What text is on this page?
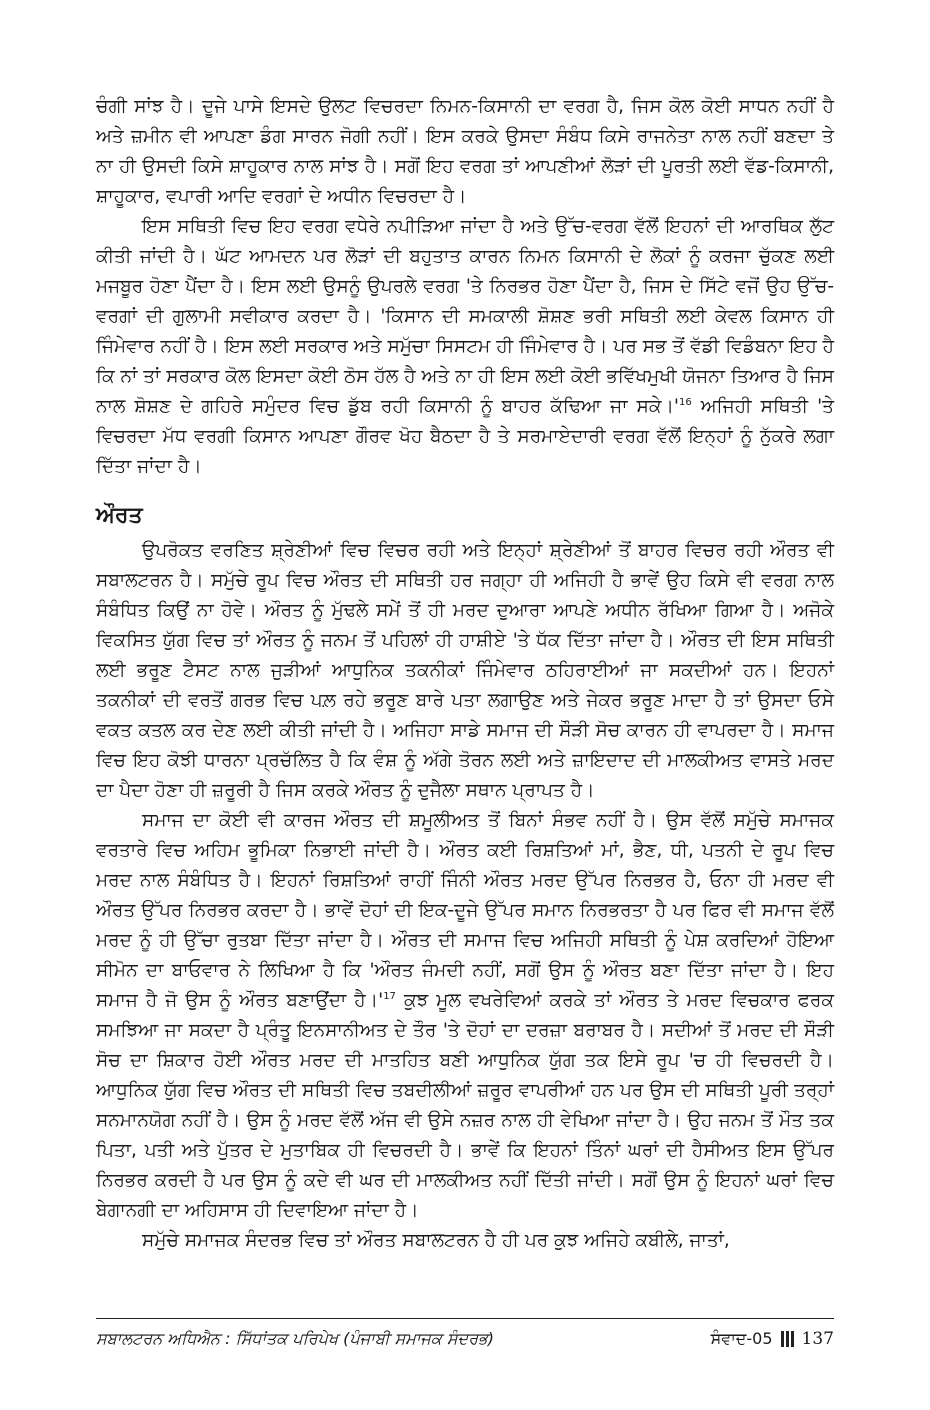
ਚੰਗੀ ਸਾਂਝ ਹੈ। ਦੂਜੇ ਪਾਸੇ ਇਸਦੇ ਉਲਟ ਵਿਚਰਦਾ ਨਿਮਨ-ਕਿਸਾਨੀ ਦਾ ਵਰਗ ਹੈ, ਜਿਸ ਕੋਲ ਕੋਈ ਸਾਧਨ ਨਹੀਂ ਹੈ ਅਤੇ ਜ਼ਮੀਨ ਵੀ ਆਪਣਾ ਡੰਗ ਸਾਰਨ ਜੋਗੀ ਨਹੀਂ। ਇਸ ਕਰਕੇ ਉਸਦਾ ਸੰਬੰਧ ਕਿਸੇ ਰਾਜਨੇਤਾ ਨਾਲ ਨਹੀਂ ਬਣਦਾ ਤੇ ਨਾ ਹੀ ਉਸਦੀ ਕਿਸੇ ਸ਼ਾਹੂਕਾਰ ਨਾਲ ਸਾਂਝ ਹੈ। ਸਗੋਂ ਇਹ ਵਰਗ ਤਾਂ ਆਪਣੀਆਂ ਲੋੜਾਂ ਦੀ ਪੂਰਤੀ ਲਈ ਵੱਡ-ਕਿਸਾਨੀ, ਸ਼ਾਹੂਕਾਰ, ਵਪਾਰੀ ਆਦਿ ਵਰਗਾਂ ਦੇ ਅਧੀਨ ਵਿਚਰਦਾ ਹੈ।

ਇਸ ਸਥਿਤੀ ਵਿਚ ਇਹ ਵਰਗ ਵਧੇਰੇ ਨਪੀੜਿਆ ਜਾਂਦਾ ਹੈ ਅਤੇ ਉੱਚ-ਵਰਗ ਵੱਲੋਂ ਇਹਨਾਂ ਦੀ ਆਰਥਿਕ ਲੁੱਟ ਕੀਤੀ ਜਾਂਦੀ ਹੈ। ਘੱਟ ਆਮਦਨ ਪਰ ਲੋੜਾਂ ਦੀ ਬਹੁਤਾਤ ਕਾਰਨ ਨਿਮਨ ਕਿਸਾਨੀ ਦੇ ਲੋਕਾਂ ਨੂੰ ਕਰਜਾ ਚੁੱਕਣ ਲਈ ਮਜਬੂਰ ਹੋਣਾ ਪੈਂਦਾ ਹੈ। ਇਸ ਲਈ ਉਸਨੂੰ ਉਪਰਲੇ ਵਰਗ 'ਤੇ ਨਿਰਭਰ ਹੋਣਾ ਪੈਂਦਾ ਹੈ, ਜਿਸ ਦੇ ਸਿੱਟੇ ਵਜੋਂ ਉਹ ਉੱਚ-ਵਰਗਾਂ ਦੀ ਗੁਲਾਮੀ ਸਵੀਕਾਰ ਕਰਦਾ ਹੈ। 'ਕਿਸਾਨ ਦੀ ਸਮਕਾਲੀ ਸ਼ੋਸ਼ਣ ਭਰੀ ਸਥਿਤੀ ਲਈ ਕੇਵਲ ਕਿਸਾਨ ਹੀ ਜਿੰਮੇਵਾਰ ਨਹੀਂ ਹੈ। ਇਸ ਲਈ ਸਰਕਾਰ ਅਤੇ ਸਮੁੱਚਾ ਸਿਸਟਮ ਹੀ ਜਿੰਮੇਵਾਰ ਹੈ। ਪਰ ਸਭ ਤੋਂ ਵੱਡੀ ਵਿਡੰਬਨਾ ਇਹ ਹੈ ਕਿ ਨਾਂ ਤਾਂ ਸਰਕਾਰ ਕੋਲ ਇਸਦਾ ਕੋਈ ਠੋਸ ਹੱਲ ਹੈ ਅਤੇ ਨਾ ਹੀ ਇਸ ਲਈ ਕੋਈ ਭਵਿੱਖਮੁਖੀ ਯੋਜਨਾ ਤਿਆਰ ਹੈ ਜਿਸ ਨਾਲ ਸ਼ੋਸ਼ਣ ਦੇ ਗਹਿਰੇ ਸਮੁੰਦਰ ਵਿਚ ਡੁੱਬ ਰਹੀ ਕਿਸਾਨੀ ਨੂੰ ਬਾਹਰ ਕੱਢਿਆ ਜਾ $ਸਕੇ।'^{16}$ ਅਜਿਹੀ ਸਥਿਤੀ 'ਤੇ ਵਿਚਰਦਾ ਮੱਧ ਵਰਗੀ ਕਿਸਾਨ ਆਪਣਾ ਗੌਰਵ ਖੋਹ ਬੈਠਦਾ ਹੈ ਤੇ ਸਰਮਾਏਦਾਰੀ ਵਰਗ ਵੱਲੋਂ ਇਨ੍ਹਾਂ ਨੂੰ ਨੁੱਕਰੇ ਲਗਾ ਦਿੱਤਾ ਜਾਂਦਾ ਹੈ।

ਔਰਤ

ਉਪਰੋਕਤ ਵਰਣਿਤ ਸ਼੍ਰੇਣੀਆਂ ਵਿਚ ਵਿਚਰ ਰਹੀ ਅਤੇ ਇਨ੍ਹਾਂ ਸ਼੍ਰੇਣੀਆਂ ਤੋਂ ਬਾਹਰ ਵਿਚਰ ਰਹੀ ਔਰਤ ਵੀ ਸਬਾਲਟਰਨ ਹੈ। ਸਮੁੱਚੇ ਰੂਪ ਵਿਚ ਔਰਤ ਦੀ ਸਥਿਤੀ ਹਰ ਜਗ੍ਹਾ ਹੀ ਅਜਿਹੀ ਹੈ ਭਾਵੇਂ ਉਹ ਕਿਸੇ ਵੀ ਵਰਗ ਨਾਲ ਸੰਬੰਧਿਤ ਕਿਉਂ ਨਾ ਹੋਵੇ। ਔਰਤ ਨੂੰ ਮੁੱਢਲੇ ਸਮੇਂ ਤੋਂ ਹੀ ਮਰਦ ਦੁਆਰਾ ਆਪਣੇ ਅਧੀਨ ਰੱਖਿਆ ਗਿਆ ਹੈ। ਅਜੋਕੇ ਵਿਕਸਿਤ ਯੁੱਗ ਵਿਚ ਤਾਂ ਔਰਤ ਨੂੰ ਜਨਮ ਤੋਂ ਪਹਿਲਾਂ ਹੀ ਹਾਸ਼ੀਏ 'ਤੇ ਧੱਕ ਦਿੱਤਾ ਜਾਂਦਾ ਹੈ। ਔਰਤ ਦੀ ਇਸ ਸਥਿਤੀ ਲਈ ਭਰੂਣ ਟੈਸਟ ਨਾਲ ਜੁੜੀਆਂ ਆਧੁਨਿਕ ਤਕਨੀਕਾਂ ਜਿੰਮੇਵਾਰ ਠਹਿਰਾਈਆਂ ਜਾ ਸਕਦੀਆਂ ਹਨ। ਇਹਨਾਂ ਤਕਨੀਕਾਂ ਦੀ ਵਰਤੋਂ ਗਰਭ ਵਿਚ ਪਲ਼ ਰਹੇ ਭਰੂਣ ਬਾਰੇ ਪਤਾ ਲਗਾਉਣ ਅਤੇ ਜੇਕਰ ਭਰੂਣ ਮਾਦਾ ਹੈ ਤਾਂ ਉਸਦਾ ਓਸੇ ਵਕਤ ਕਤਲ ਕਰ ਦੇਣ ਲਈ ਕੀਤੀ ਜਾਂਦੀ ਹੈ। ਅਜਿਹਾ ਸਾਡੇ ਸਮਾਜ ਦੀ ਸੌੜੀ ਸੋਚ ਕਾਰਨ ਹੀ ਵਾਪਰਦਾ ਹੈ। ਸਮਾਜ ਵਿਚ ਇਹ ਕੋਝੀ ਧਾਰਨਾ ਪ੍ਰਚੱਲਿਤ ਹੈ ਕਿ ਵੰਸ਼ ਨੂੰ ਅੱਗੇ ਤੋਰਨ ਲਈ ਅਤੇ ਜ਼ਾਇਦਾਦ ਦੀ ਮਾਲਕੀਅਤ ਵਾਸਤੇ ਮਰਦ ਦਾ ਪੈਦਾ ਹੋਣਾ ਹੀ ਜ਼ਰੂਰੀ ਹੈ ਜਿਸ ਕਰਕੇ ਔਰਤ ਨੂੰ ਦੁਜੈਲਾ ਸਥਾਨ ਪ੍ਰਾਪਤ ਹੈ।

ਸਮਾਜ ਦਾ ਕੋਈ ਵੀ ਕਾਰਜ ਔਰਤ ਦੀ ਸ਼ਮੂਲੀਅਤ ਤੋਂ ਬਿਨਾਂ ਸੰਭਵ ਨਹੀਂ ਹੈ। ਉਸ ਵੱਲੋਂ ਸਮੁੱਚੇ ਸਮਾਜਕ ਵਰਤਾਰੇ ਵਿਚ ਅਹਿਮ ਭੂਮਿਕਾ ਨਿਭਾਈ ਜਾਂਦੀ ਹੈ। ਔਰਤ ਕਈ ਰਿਸ਼ਤਿਆਂ ਮਾਂ, ਭੈਣ, ਧੀ, ਪਤਨੀ ਦੇ ਰੂਪ ਵਿਚ ਮਰਦ ਨਾਲ ਸੰਬੰਧਿਤ ਹੈ। ਇਹਨਾਂ ਰਿਸ਼ਤਿਆਂ ਰਾਹੀਂ ਜਿੰਨੀ ਔਰਤ ਮਰਦ ਉੱਪਰ ਨਿਰਭਰ ਹੈ, ਓਨਾ ਹੀ ਮਰਦ ਵੀ ਔਰਤ ਉੱਪਰ ਨਿਰਭਰ ਕਰਦਾ ਹੈ। ਭਾਵੇਂ ਦੋਹਾਂ ਦੀ ਇਕ-ਦੂਜੇ ਉੱਪਰ ਸਮਾਨ ਨਿਰਭਰਤਾ ਹੈ ਪਰ ਫਿਰ ਵੀ ਸਮਾਜ ਵੱਲੋਂ ਮਰਦ ਨੂੰ ਹੀ ਉੱਚਾ ਰੁਤਬਾ ਦਿੱਤਾ ਜਾਂਦਾ ਹੈ। ਔਰਤ ਦੀ ਸਮਾਜ ਵਿਚ ਅਜਿਹੀ ਸਥਿਤੀ ਨੂੰ ਪੇਸ਼ ਕਰਦਿਆਂ ਹੋਇਆ ਸੀਮੋਨ ਦਾ ਬਾਓਵਾਰ ਨੇ ਲਿਖਿਆ ਹੈ ਕਿ 'ਔਰਤ ਜੰਮਦੀ ਨਹੀਂ, ਸਗੋਂ ਉਸ ਨੂੰ ਔਰਤ ਬਣਾ ਦਿੱਤਾ ਜਾਂਦਾ ਹੈ। ਇਹ ਸਮਾਜ ਹੈ ਜੋ ਉਸ ਨੂੰ ਔਰਤ ਬਣਾਉਂਦਾ $ਹੈ।'^{17}$ ਕੁਝ ਮੂਲ ਵਖਰੇਵਿਆਂ ਕਰਕੇ ਤਾਂ ਔਰਤ ਤੇ ਮਰਦ ਵਿਚਕਾਰ ਫਰਕ ਸਮਝਿਆ ਜਾ ਸਕਦਾ ਹੈ ਪ੍ਰੰਤੂ ਇਨਸਾਨੀਅਤ ਦੇ ਤੌਰ 'ਤੇ ਦੋਹਾਂ ਦਾ ਦਰਜ਼ਾ ਬਰਾਬਰ ਹੈ। ਸਦੀਆਂ ਤੋਂ ਮਰਦ ਦੀ ਸੌੜੀ ਸੋਚ ਦਾ ਸ਼ਿਕਾਰ ਹੋਈ ਔਰਤ ਮਰਦ ਦੀ ਮਾਤਹਿਤ ਬਣੀ ਆਧੁਨਿਕ ਯੁੱਗ ਤਕ ਇਸੇ ਰੂਪ 'ਚ ਹੀ ਵਿਚਰਦੀ ਹੈ। ਆਧੁਨਿਕ ਯੁੱਗ ਵਿਚ ਔਰਤ ਦੀ ਸਥਿਤੀ ਵਿਚ ਤਬਦੀਲੀਆਂ ਜ਼ਰੂਰ ਵਾਪਰੀਆਂ ਹਨ ਪਰ ਉਸ ਦੀ ਸਥਿਤੀ ਪੂਰੀ ਤਰ੍ਹਾਂ ਸਨਮਾਨਯੋਗ ਨਹੀਂ ਹੈ। ਉਸ ਨੂੰ ਮਰਦ ਵੱਲੋਂ ਅੱਜ ਵੀ ਉਸੇ ਨਜ਼ਰ ਨਾਲ ਹੀ ਵੇਖਿਆ ਜਾਂਦਾ ਹੈ। ਉਹ ਜਨਮ ਤੋਂ ਮੌਤ ਤਕ ਪਿਤਾ, ਪਤੀ ਅਤੇ ਪੁੱਤਰ ਦੇ ਮੁਤਾਬਿਕ ਹੀ ਵਿਚਰਦੀ ਹੈ। ਭਾਵੇਂ ਕਿ ਇਹਨਾਂ ਤਿੰਨਾਂ ਘਰਾਂ ਦੀ ਹੈਸੀਅਤ ਇਸ ਉੱਪਰ ਨਿਰਭਰ ਕਰਦੀ ਹੈ ਪਰ ਉਸ ਨੂੰ ਕਦੇ ਵੀ ਘਰ ਦੀ ਮਾਲਕੀਅਤ ਨਹੀਂ ਦਿੱਤੀ ਜਾਂਦੀ। ਸਗੋਂ ਉਸ ਨੂੰ ਇਹਨਾਂ ਘਰਾਂ ਵਿਚ ਬੇਗਾਨਗੀ ਦਾ ਅਹਿਸਾਸ ਹੀ ਦਿਵਾਇਆ ਜਾਂਦਾ ਹੈ।

ਸਮੁੱਚੇ ਸਮਾਜਕ ਸੰਦਰਭ ਵਿਚ ਤਾਂ ਔਰਤ ਸਬਾਲਟਰਨ ਹੈ ਹੀ ਪਰ ਕੁਝ ਅਜਿਹੇ ਕਬੀਲੇ, ਜਾਤਾਂ,

ਸਬਾਲਟਰਨ ਅਧਿਐਨ : ਸਿੱਧਾਂਤਕ ਪਰਿਪੇਖ (ਪੰਜਾਬੀ ਸਮਾਜਕ ਸੰਦਰਭ)	ਸੰਵਾਦ-05 137
